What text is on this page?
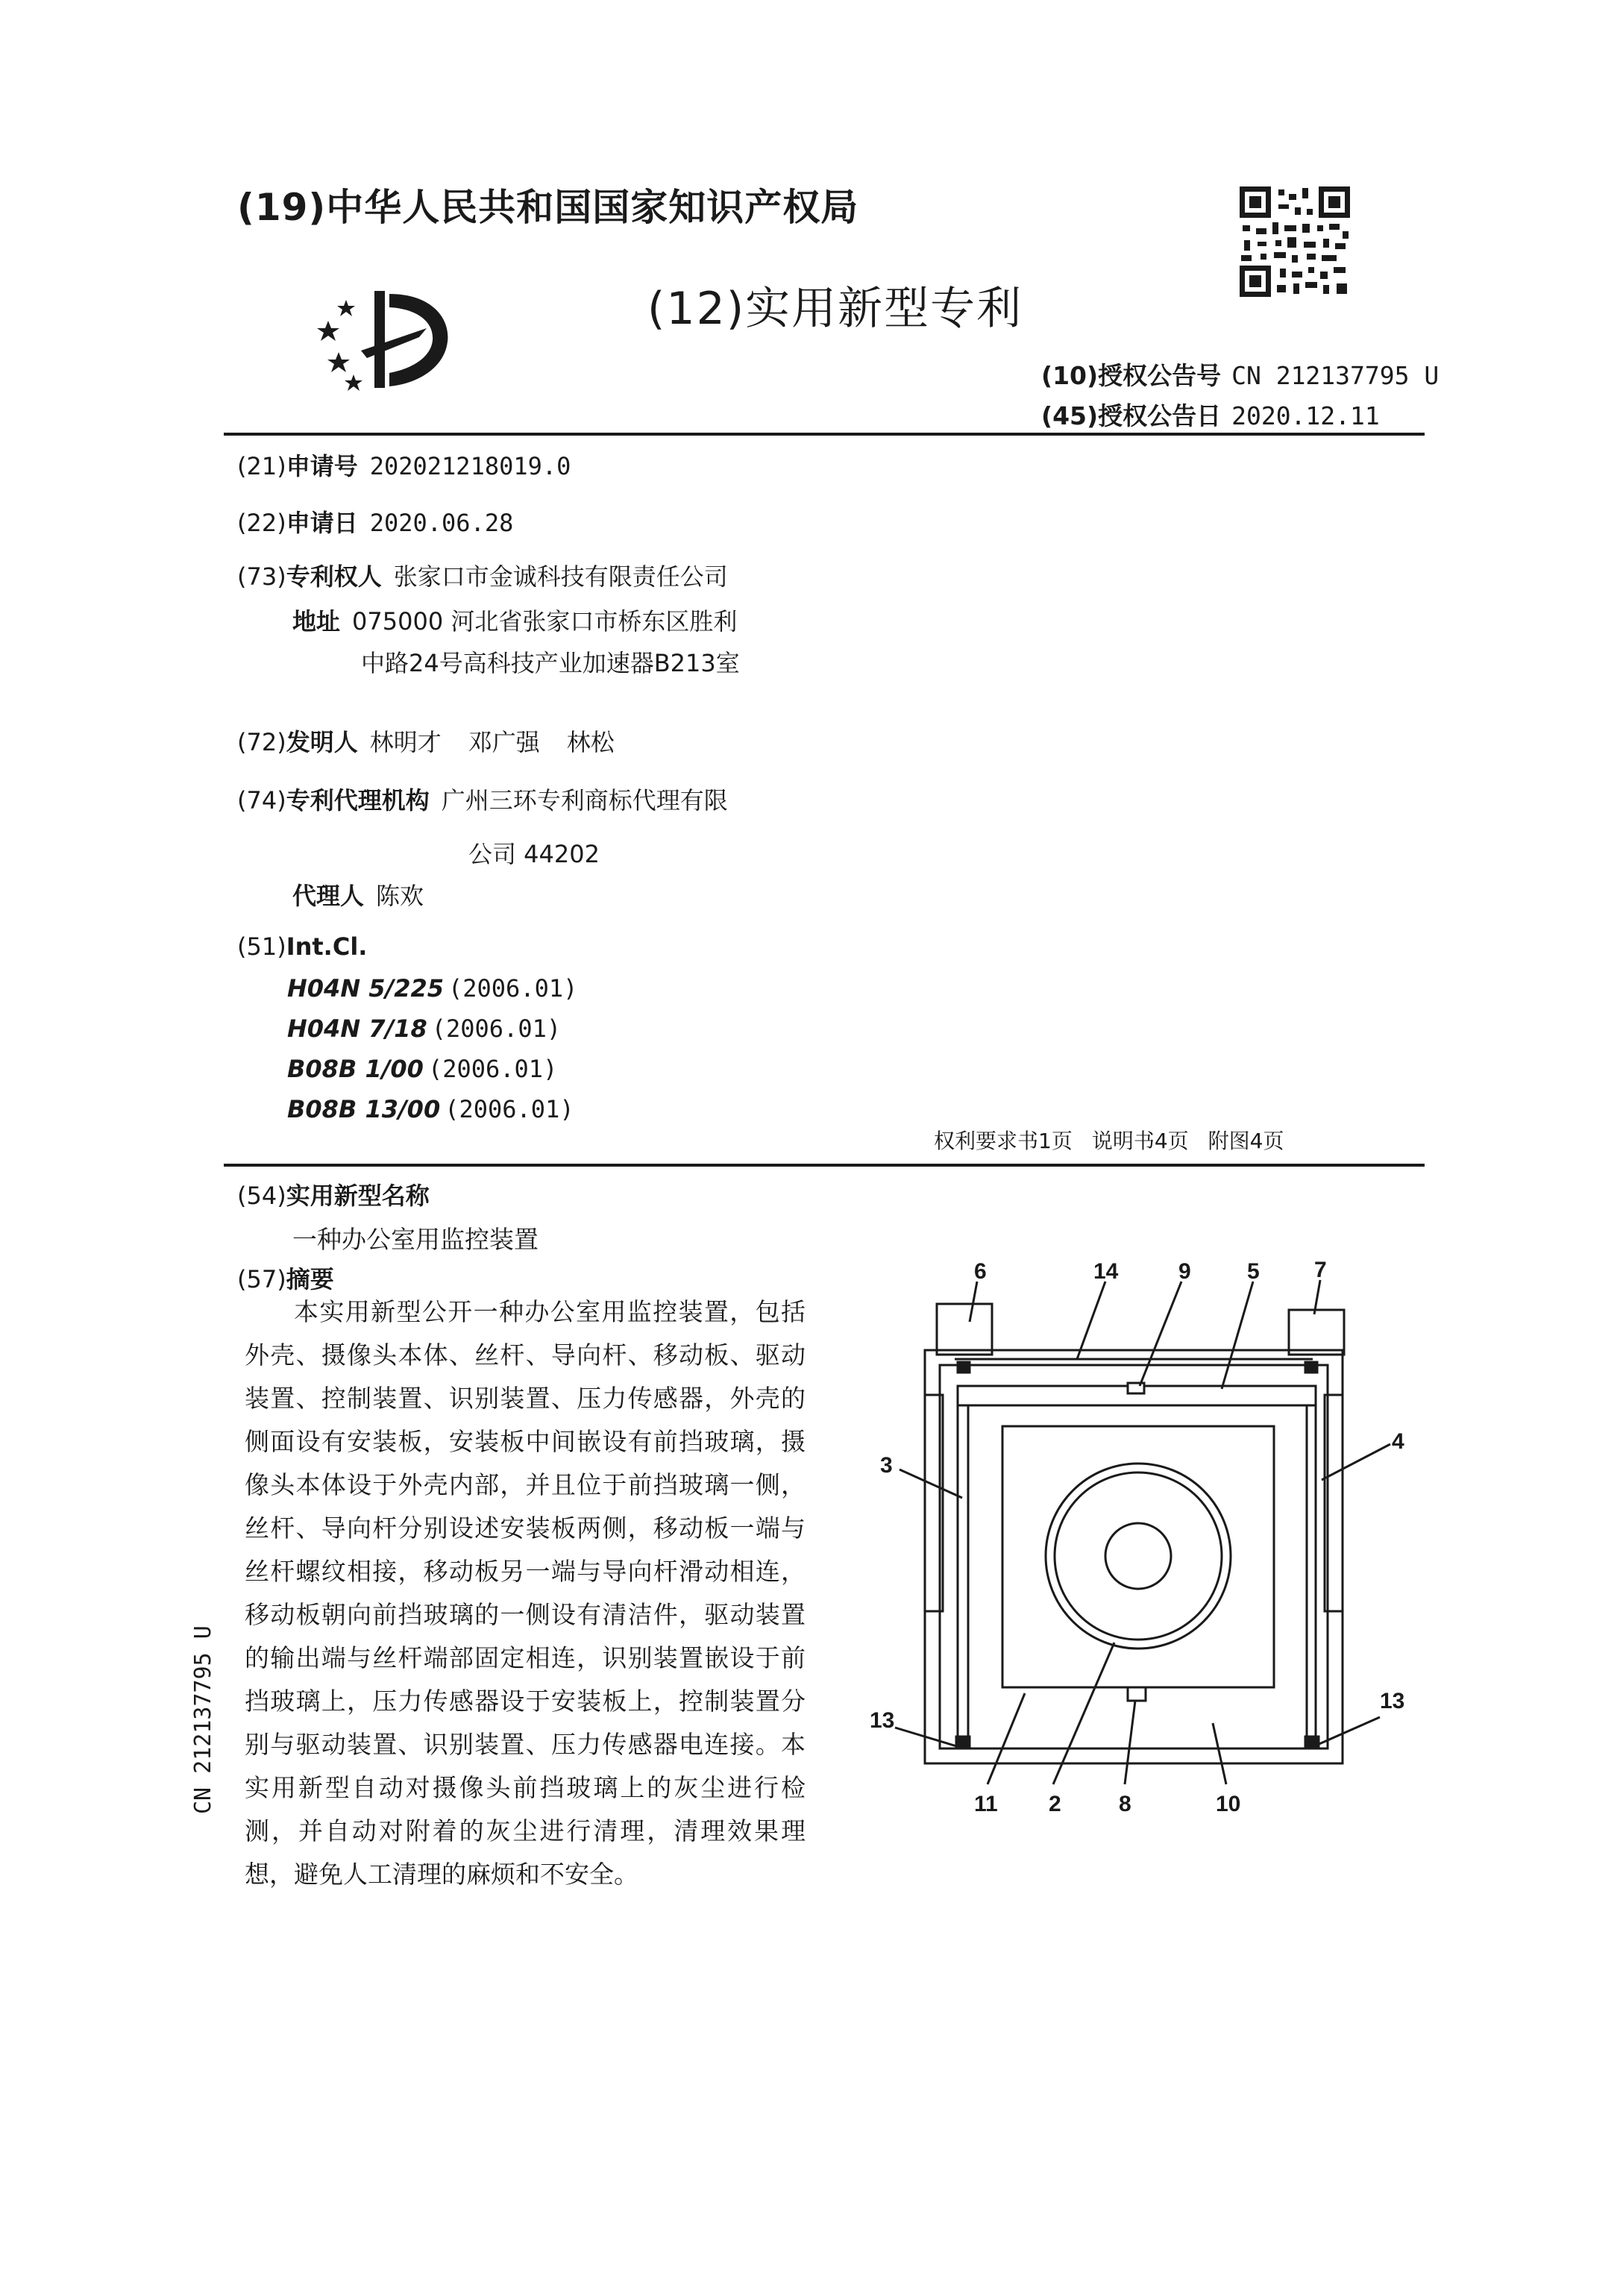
(19)中华人民共和国国家知识产权局
(12)实用新型专利
(10)授权公告号 CN 212137795 U
(45)授权公告日 2020.12.11
(21)申请号 202021218019.0
(22)申请日 2020.06.28
(73)专利权人 张家口市金诚科技有限责任公司
地址 075000 河北省张家口市桥东区胜利
中路24号高科技产业加速器B213室
(72)发明人 林明才 邓广强 林松
(74)专利代理机构 广州三环专利商标代理有限
公司 44202
代理人 陈欢
(51)Int.Cl.
H04N 5/225 (2006.01)
H04N 7/18 (2006.01)
B08B 1/00 (2006.01)
B08B 13/00 (2006.01)
权利要求书1页 说明书4页 附图4页
(54)实用新型名称
一种办公室用监控装置
(57)摘要
本实用新型公开一种办公室用监控装置，包括外壳、摄像头本体、丝杆、导向杆、移动板、驱动装置、控制装置、识别装置、压力传感器，外壳的侧面设有安装板，安装板中间嵌设有前挡玻璃，摄像头本体设于外壳内部，并且位于前挡玻璃一侧，丝杆、导向杆分别设述安装板两侧，移动板一端与丝杆螺纹相接，移动板另一端与导向杆滑动相连，移动板朝向前挡玻璃的一侧设有清洁件，驱动装置的输出端与丝杆端部固定相连，识别装置嵌设于前挡玻璃上，压力传感器设于安装板上，控制装置分别与驱动装置、识别装置、压力传感器电连接。本实用新型自动对摄像头前挡玻璃上的灰尘进行检测，并自动对附着的灰尘进行清理，清理效果理想，避免人工清理的麻烦和不安全。
CN 212137795 U
6	14	9	5 7
3
4
13
13
11 2	8	10
